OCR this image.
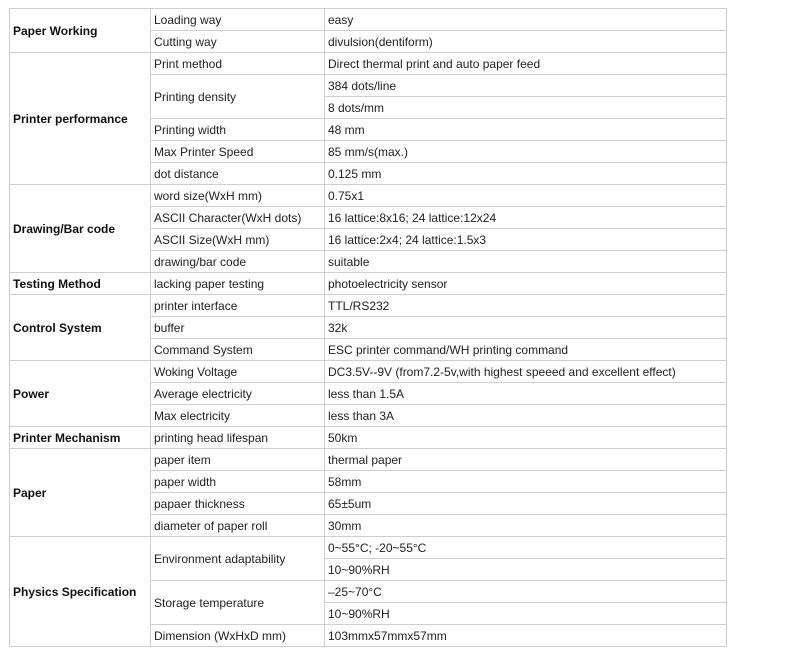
Paper Working	Loading way	easy
	Cutting way	divulsion(dentiform)
Printer performance	Print method	Direct thermal print and auto paper feed
	Printing density	384 dots/line
		8 dots/mm
	Printing width	48 mm
	Max Printer Speed	85 mm/s(max.)
	dot distance	0.125 mm
Drawing/Bar code	word size(WxH mm)	0.75x1
	ASCII Character(WxH dots)	16 lattice:8x16; 24 lattice:12x24
	ASCII Size(WxH mm)	16 lattice:2x4; 24 lattice:1.5x3
	drawing/bar code	suitable
Testing Method	lacking paper testing	photoelectricity sensor
Control System	printer interface	TTL/RS232
	buffer	32k
	Command System	ESC printer command/WH printing command
Power	Woking Voltage	DC3.5V--9V (from7.2-5v,with highest speeed and excellent effect)
	Average electricity	less than 1.5A
	Max electricity	less than 3A
Printer Mechanism	printing head lifespan	50km
Paper	paper item	thermal paper
	paper width	58mm
	papaer thickness	65±5um
	diameter of paper roll	30mm
Physics Specification	Environment adaptability	0~55°C; -20~55°C
		10~90%RH
	Storage temperature	–25~70°C
		10~90%RH
	Dimension (WxHxD mm)	103mmx57mmx57mm
